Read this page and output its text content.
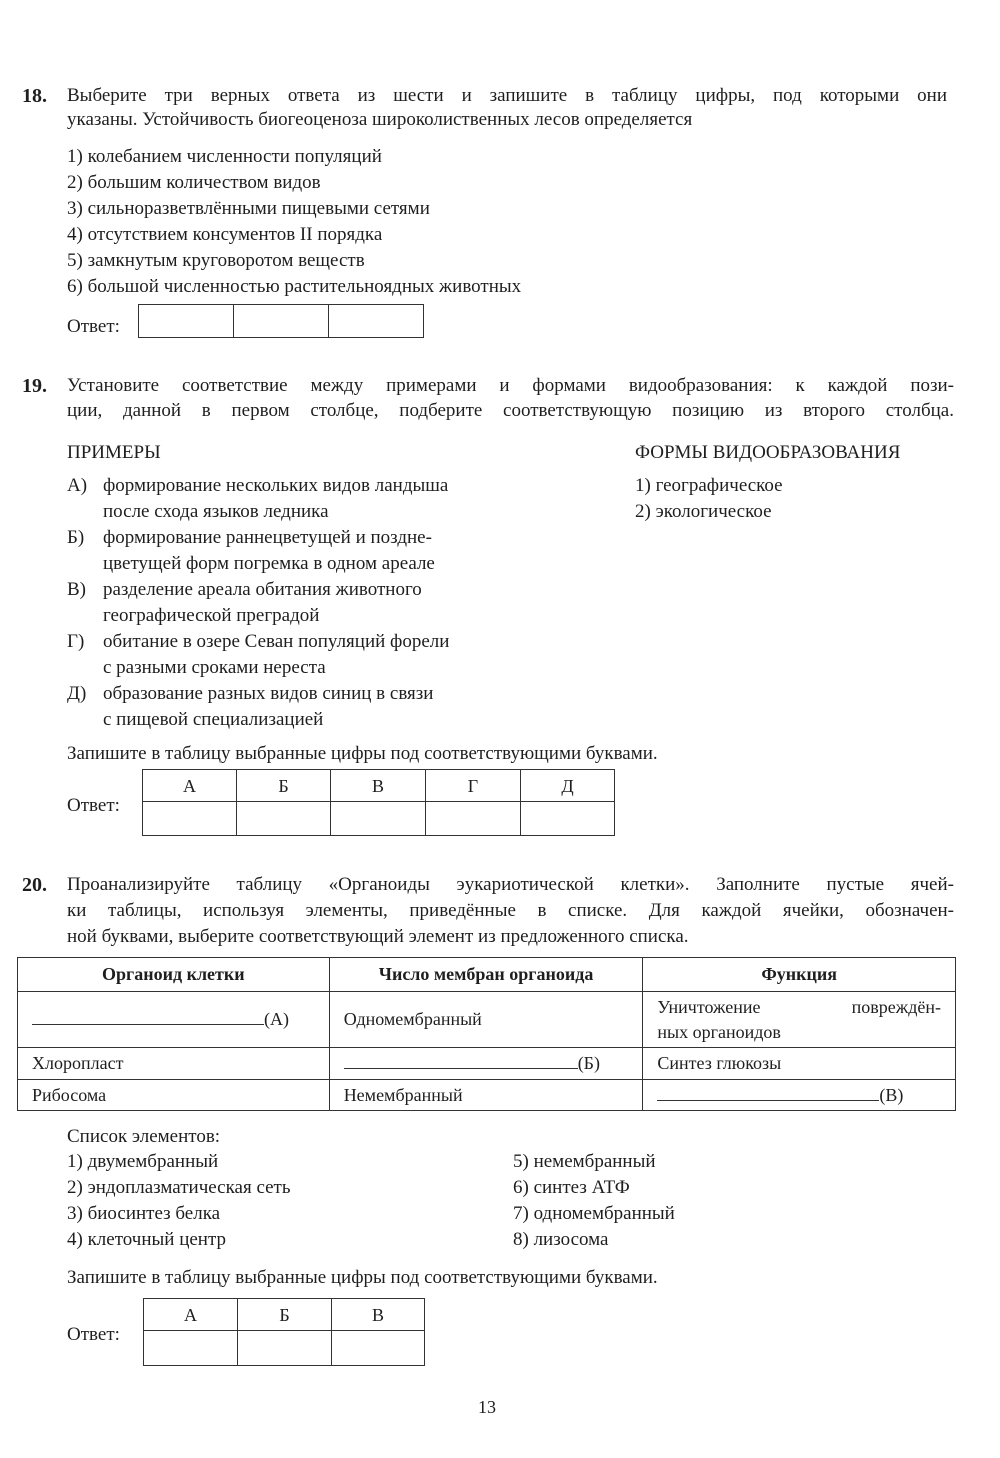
18. Выберите три верных ответа из шести и запишите в таблицу цифры, под которыми они
указаны. Устойчивость биогеоценоза широколиственных лесов определяется
1) колебанием численности популяций
2) большим количеством видов
3) сильноразветвлёнными пищевыми сетями
4) отсутствием консументов II порядка
5) замкнутым круговоротом веществ
6) большой численностью растительноядных животных
Ответ:

19. Установите соответствие между примерами и формами видообразования: к каждой пози-
ции, данной в первом столбце, подберите соответствующую позицию из второго столбца.
ПРИМЕРЫ	ФОРМЫ ВИДООБРАЗОВАНИЯ
А) формирование нескольких видов ландыша
после схода языков ледника
Б) формирование раннецветущей и поздне-
цветущей форм погремка в одном ареале
В) разделение ареала обитания животного
географической преградой
Г) обитание в озере Севан популяций форели
с разными сроками нереста
Д) образование разных видов синиц в связи
с пищевой специализацией
1) географическое
2) экологическое
Запишите в таблицу выбранные цифры под соответствующими буквами.
Ответ:
А	Б	В	Г	Д

20. Проанализируйте таблицу «Органоиды эукариотической клетки». Заполните пустые ячей-
ки таблицы, используя элементы, приведённые в списке. Для каждой ячейки, обозначен-
ной буквами, выберите соответствующий элемент из предложенного списка.
Органоид клетки	Число мембран органоида	Функция
(А)	Одномембранный	Уничтожение повреждён-
ных органоидов

Хлоропласт	(Б)	Синтез глюкозы
Рибосома	Немембранный	(В)
Список элементов:
1) двумембранный
2) эндоплазматическая сеть
3) биосинтез белка
4) клеточный центр
5) немембранный
6) синтез АТФ
7) одномембранный
8) лизосома
Запишите в таблицу выбранные цифры под соответствующими буквами.
Ответ:
А	Б	В

13
